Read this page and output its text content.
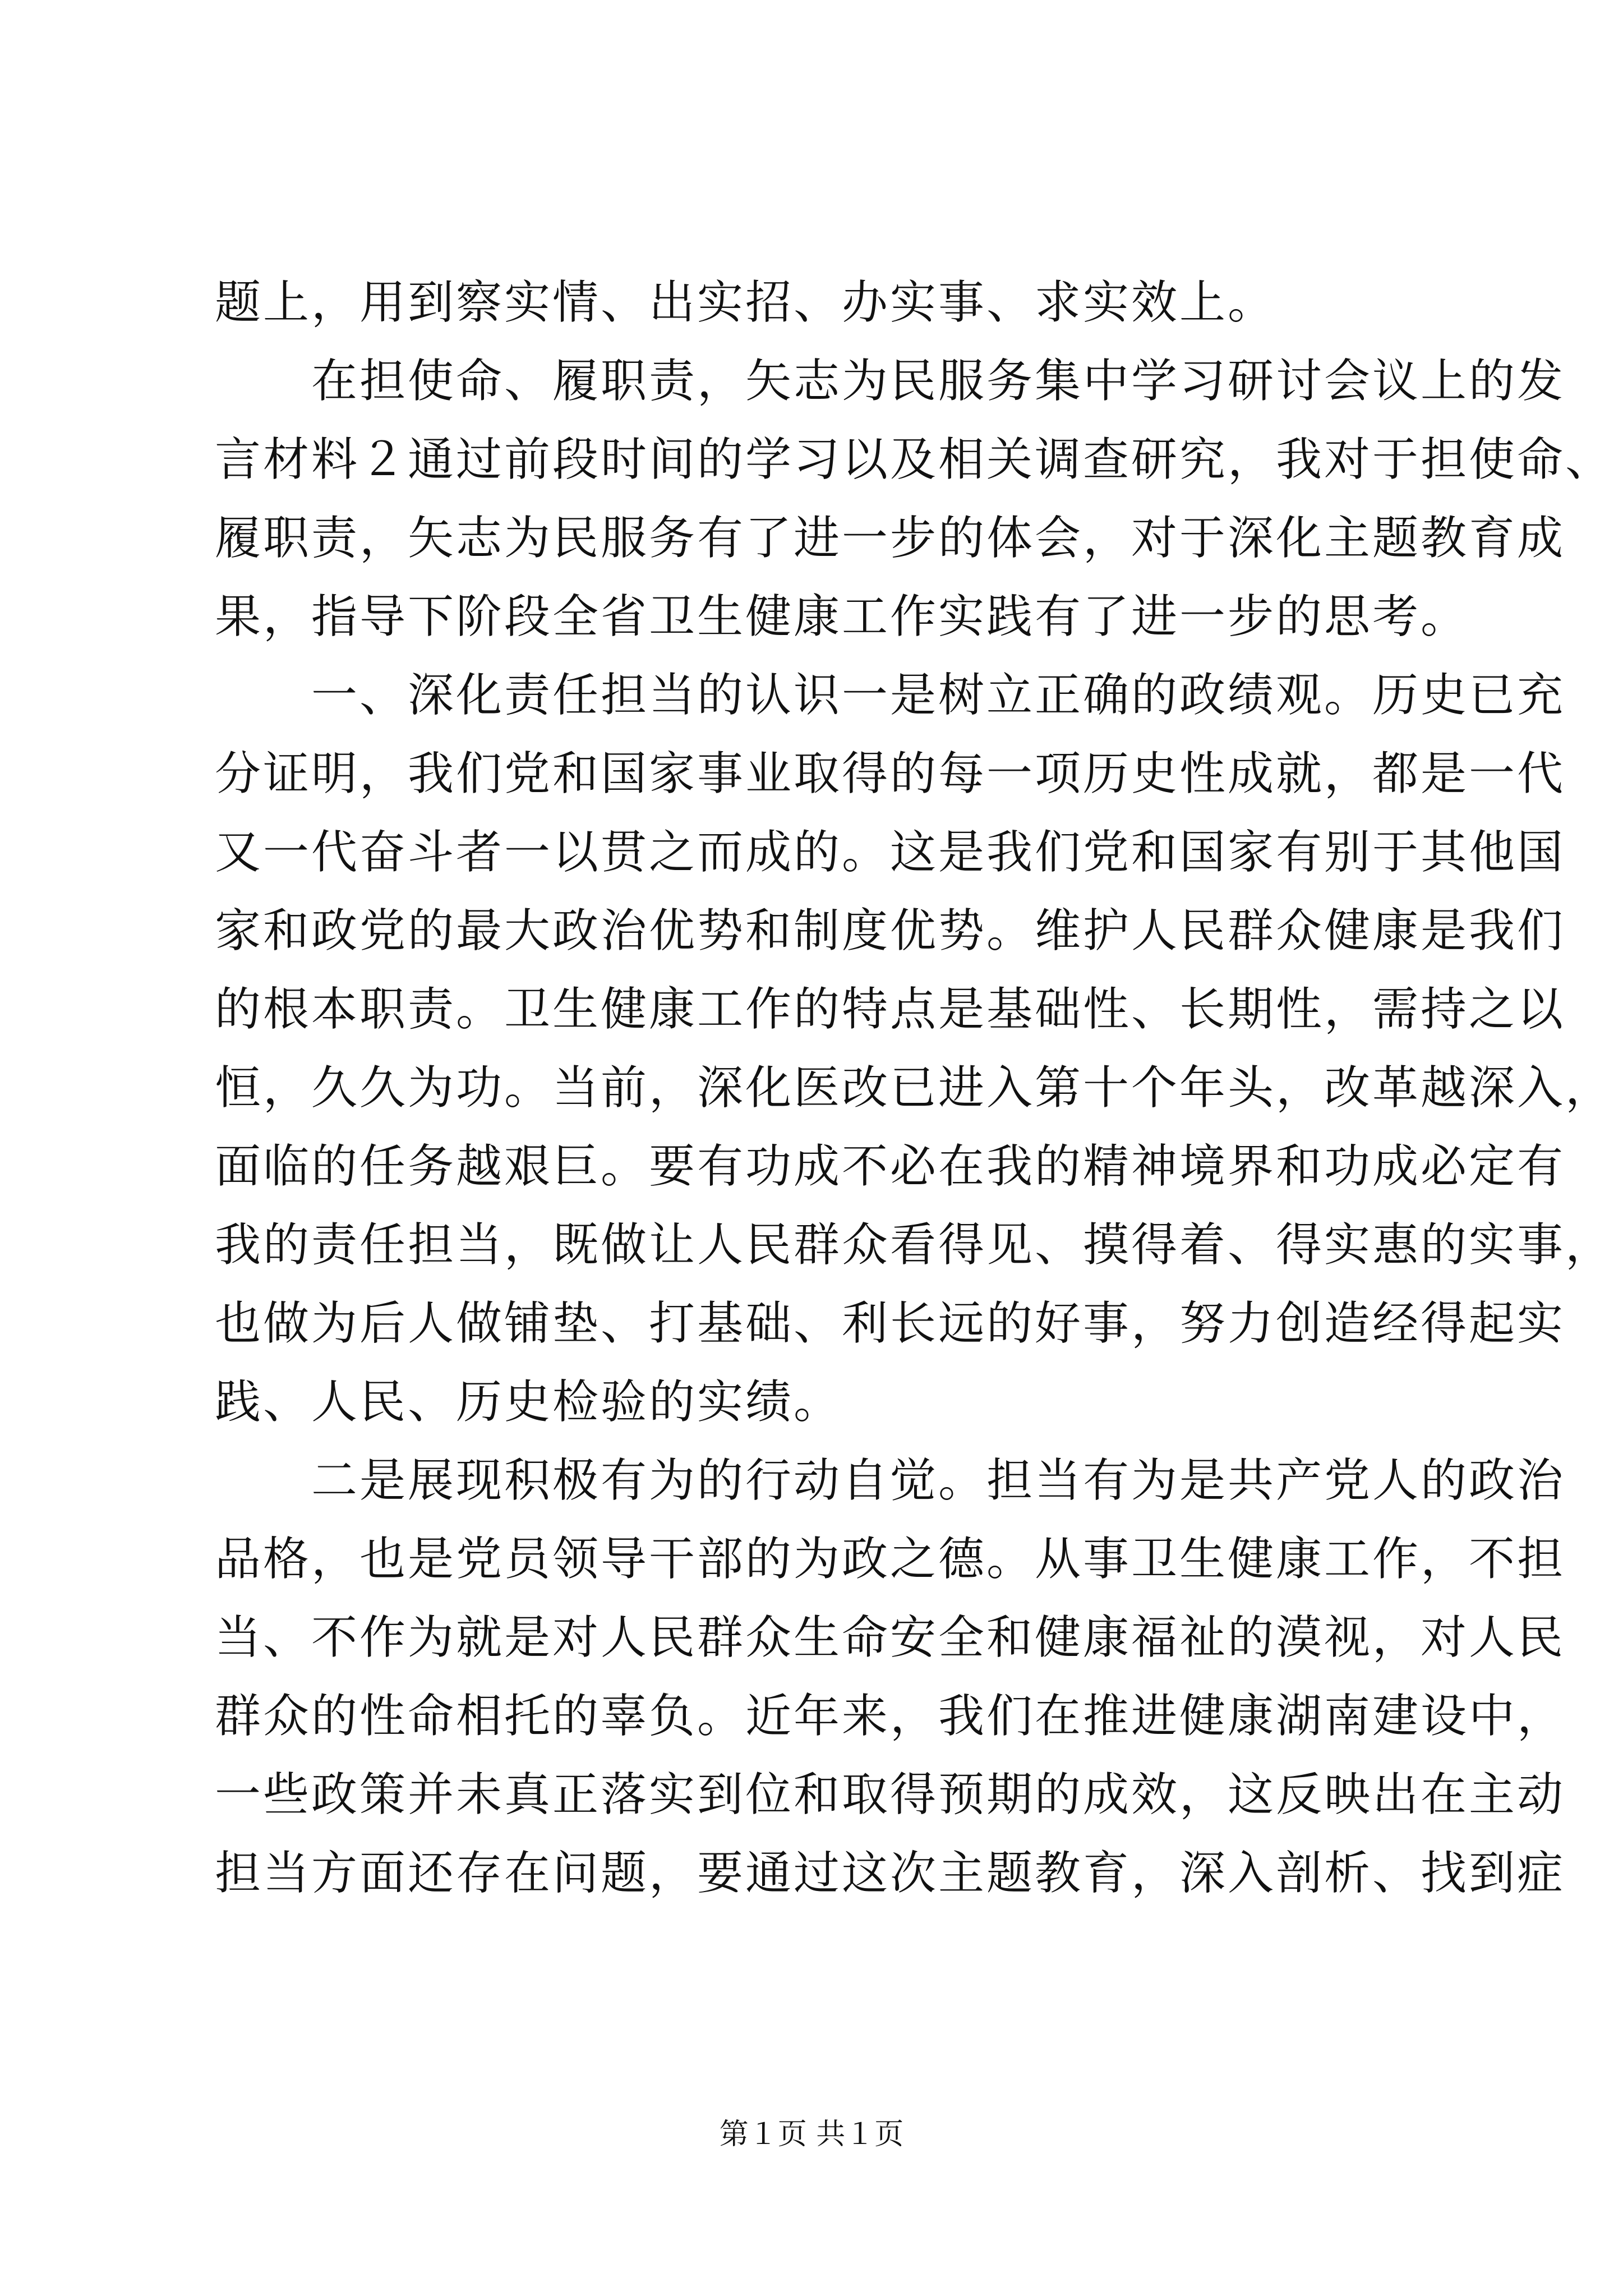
题上，用到察实情、出实招、办实事、求实效上。
在担使命、履职责，矢志为民服务集中学习研讨会议上的发
言材料２通过前段时间的学习以及相关调查研究，我对于担使命、
履职责，矢志为民服务有了进一步的体会，对于深化主题教育成
果，指导下阶段全省卫生健康工作实践有了进一步的思考。
一、深化责任担当的认识一是树立正确的政绩观。历史已充
分证明，我们党和国家事业取得的每一项历史性成就，都是一代
又一代奋斗者一以贯之而成的。这是我们党和国家有别于其他国
家和政党的最大政治优势和制度优势。维护人民群众健康是我们
的根本职责。卫生健康工作的特点是基础性、长期性，需持之以
恒，久久为功。当前，深化医改已进入第十个年头，改革越深入，
面临的任务越艰巨。要有功成不必在我的精神境界和功成必定有
我的责任担当，既做让人民群众看得见、摸得着、得实惠的实事，
也做为后人做铺垫、打基础、利长远的好事，努力创造经得起实
践、人民、历史检验的实绩。
二是展现积极有为的行动自觉。担当有为是共产党人的政治
品格，也是党员领导干部的为政之德。从事卫生健康工作，不担
当、不作为就是对人民群众生命安全和健康福祉的漠视，对人民
群众的性命相托的辜负。近年来，我们在推进健康湖南建设中，
一些政策并未真正落实到位和取得预期的成效，这反映出在主动
担当方面还存在问题，要通过这次主题教育，深入剖析、找到症
第１页 共１页
